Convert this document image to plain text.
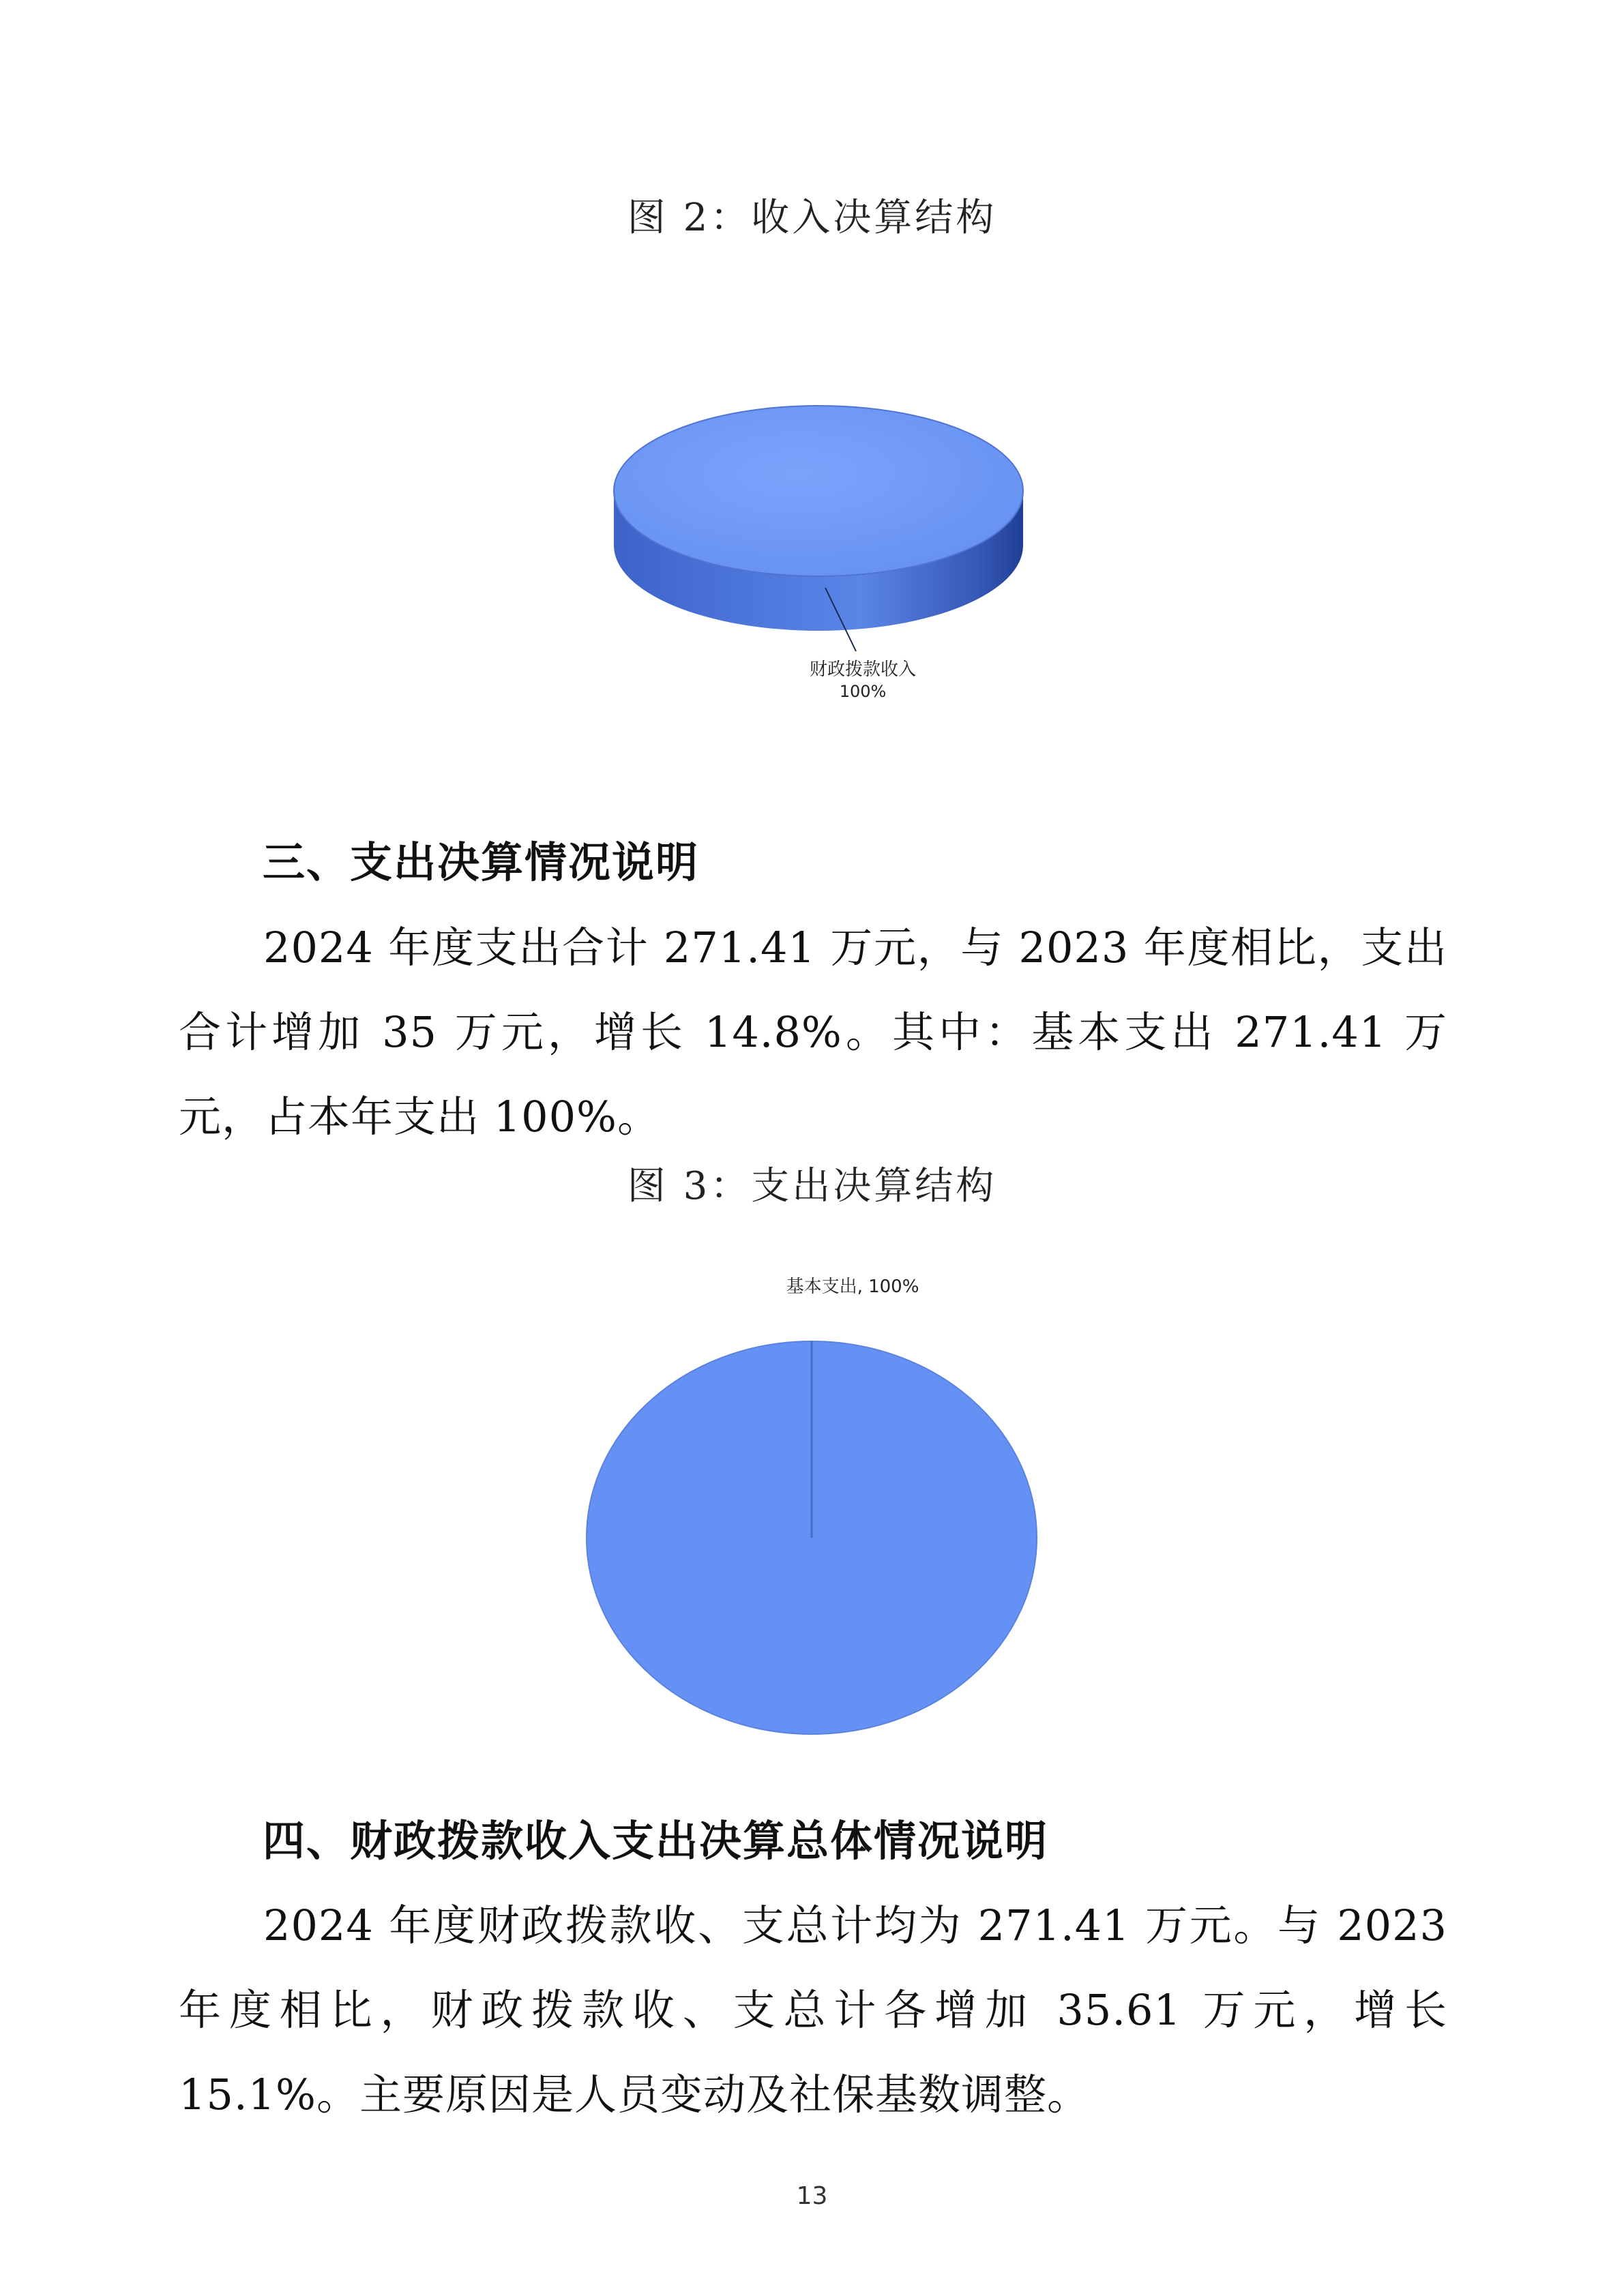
图 2：收入决算结构
财政拨款收入
100%
三、支出决算情况说明
2024 年度支出合计 271.41 万元，与 2023 年度相比，支出合计增加 35 万元，增长 14.8%。其中：基本支出 271.41 万元，占本年支出 100%。
图 3：支出决算结构
基本支出, 100%
四、财政拨款收入支出决算总体情况说明
2024 年度财政拨款收、支总计均为 271.41 万元。与 2023 年度相比，财政拨款收、支总计各增加 35.61 万元，增长 15.1%。主要原因是人员变动及社保基数调整。
13
